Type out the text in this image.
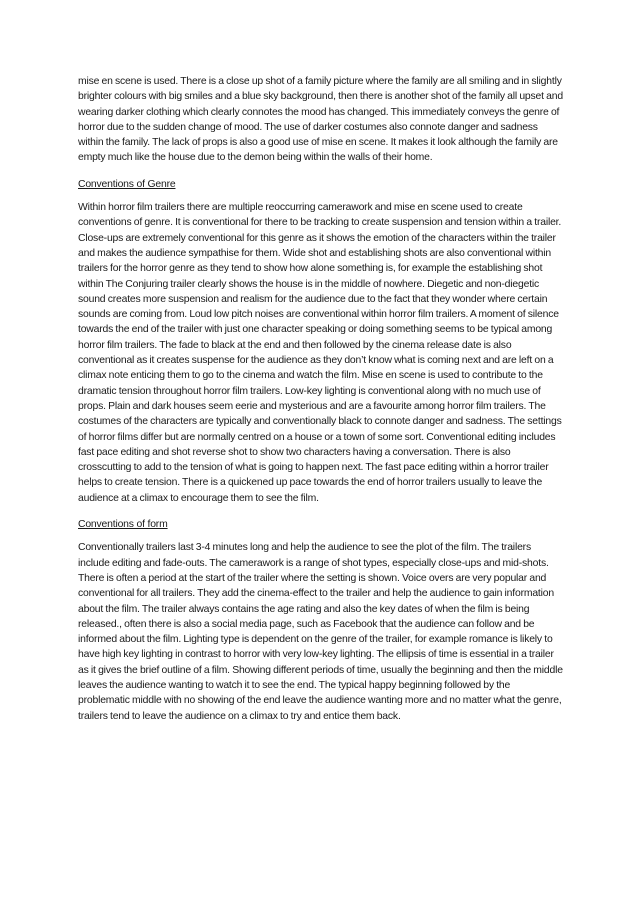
mise en scene is used. There is a close up shot of a family picture where the family are all smiling and in slightly brighter colours with big smiles and a blue sky background, then there is another shot of the family all upset and wearing darker clothing which clearly connotes the mood has changed. This immediately conveys the genre of horror due to the sudden change of mood. The use of darker costumes also connote danger and sadness within the family. The lack of props is also a good use of mise en scene. It makes it look although the family are empty much like the house due to the demon being within the walls of their home.

Conventions of Genre

Within horror film trailers there are multiple reoccurring camerawork and mise en scene used to create conventions of genre. It is conventional for there to be tracking to create suspension and tension within a trailer. Close-ups are extremely conventional for this genre as it shows the emotion of the characters within the trailer and makes the audience sympathise for them. Wide shot and establishing shots are also conventional within trailers for the horror genre as they tend to show how alone something is, for example the establishing shot within The Conjuring trailer clearly shows the house is in the middle of nowhere. Diegetic and non-diegetic sound creates more suspension and realism for the audience due to the fact that they wonder where certain sounds are coming from. Loud low pitch noises are conventional within horror film trailers. A moment of silence towards the end of the trailer with just one character speaking or doing something seems to be typical among horror film trailers. The fade to black at the end and then followed by the cinema release date is also conventional as it creates suspense for the audience as they don’t know what is coming next and are left on a climax note enticing them to go to the cinema and watch the film. Mise en scene is used to contribute to the dramatic tension throughout horror film trailers. Low-key lighting is conventional along with no much use of props. Plain and dark houses seem eerie and mysterious and are a favourite among horror film trailers. The costumes of the characters are typically and conventionally black to connote danger and sadness. The settings of horror films differ but are normally centred on a house or a town of some sort. Conventional editing includes fast pace editing and shot reverse shot to show two characters having a conversation. There is also crosscutting to add to the tension of what is going to happen next. The fast pace editing within a horror trailer helps to create tension. There is a quickened up pace towards the end of horror trailers usually to leave the audience at a climax to encourage them to see the film.

Conventions of form

Conventionally trailers last 3-4 minutes long and help the audience to see the plot of the film. The trailers include editing and fade-outs. The camerawork is a range of shot types, especially close-ups and mid-shots. There is often a period at the start of the trailer where the setting is shown. Voice overs are very popular and conventional for all trailers. They add the cinema-effect to the trailer and help the audience to gain information about the film. The trailer always contains the age rating and also the key dates of when the film is being released., often there is also a social media page, such as Facebook that the audience can follow and be informed about the film. Lighting type is dependent on the genre of the trailer, for example romance is likely to have high key lighting in contrast to horror with very low-key lighting. The ellipsis of time is essential in a trailer as it gives the brief outline of a film. Showing different periods of time, usually the beginning and then the middle leaves the audience wanting to watch it to see the end. The typical happy beginning followed by the problematic middle with no showing of the end leave the audience wanting more and no matter what the genre, trailers tend to leave the audience on a climax to try and entice them back.
